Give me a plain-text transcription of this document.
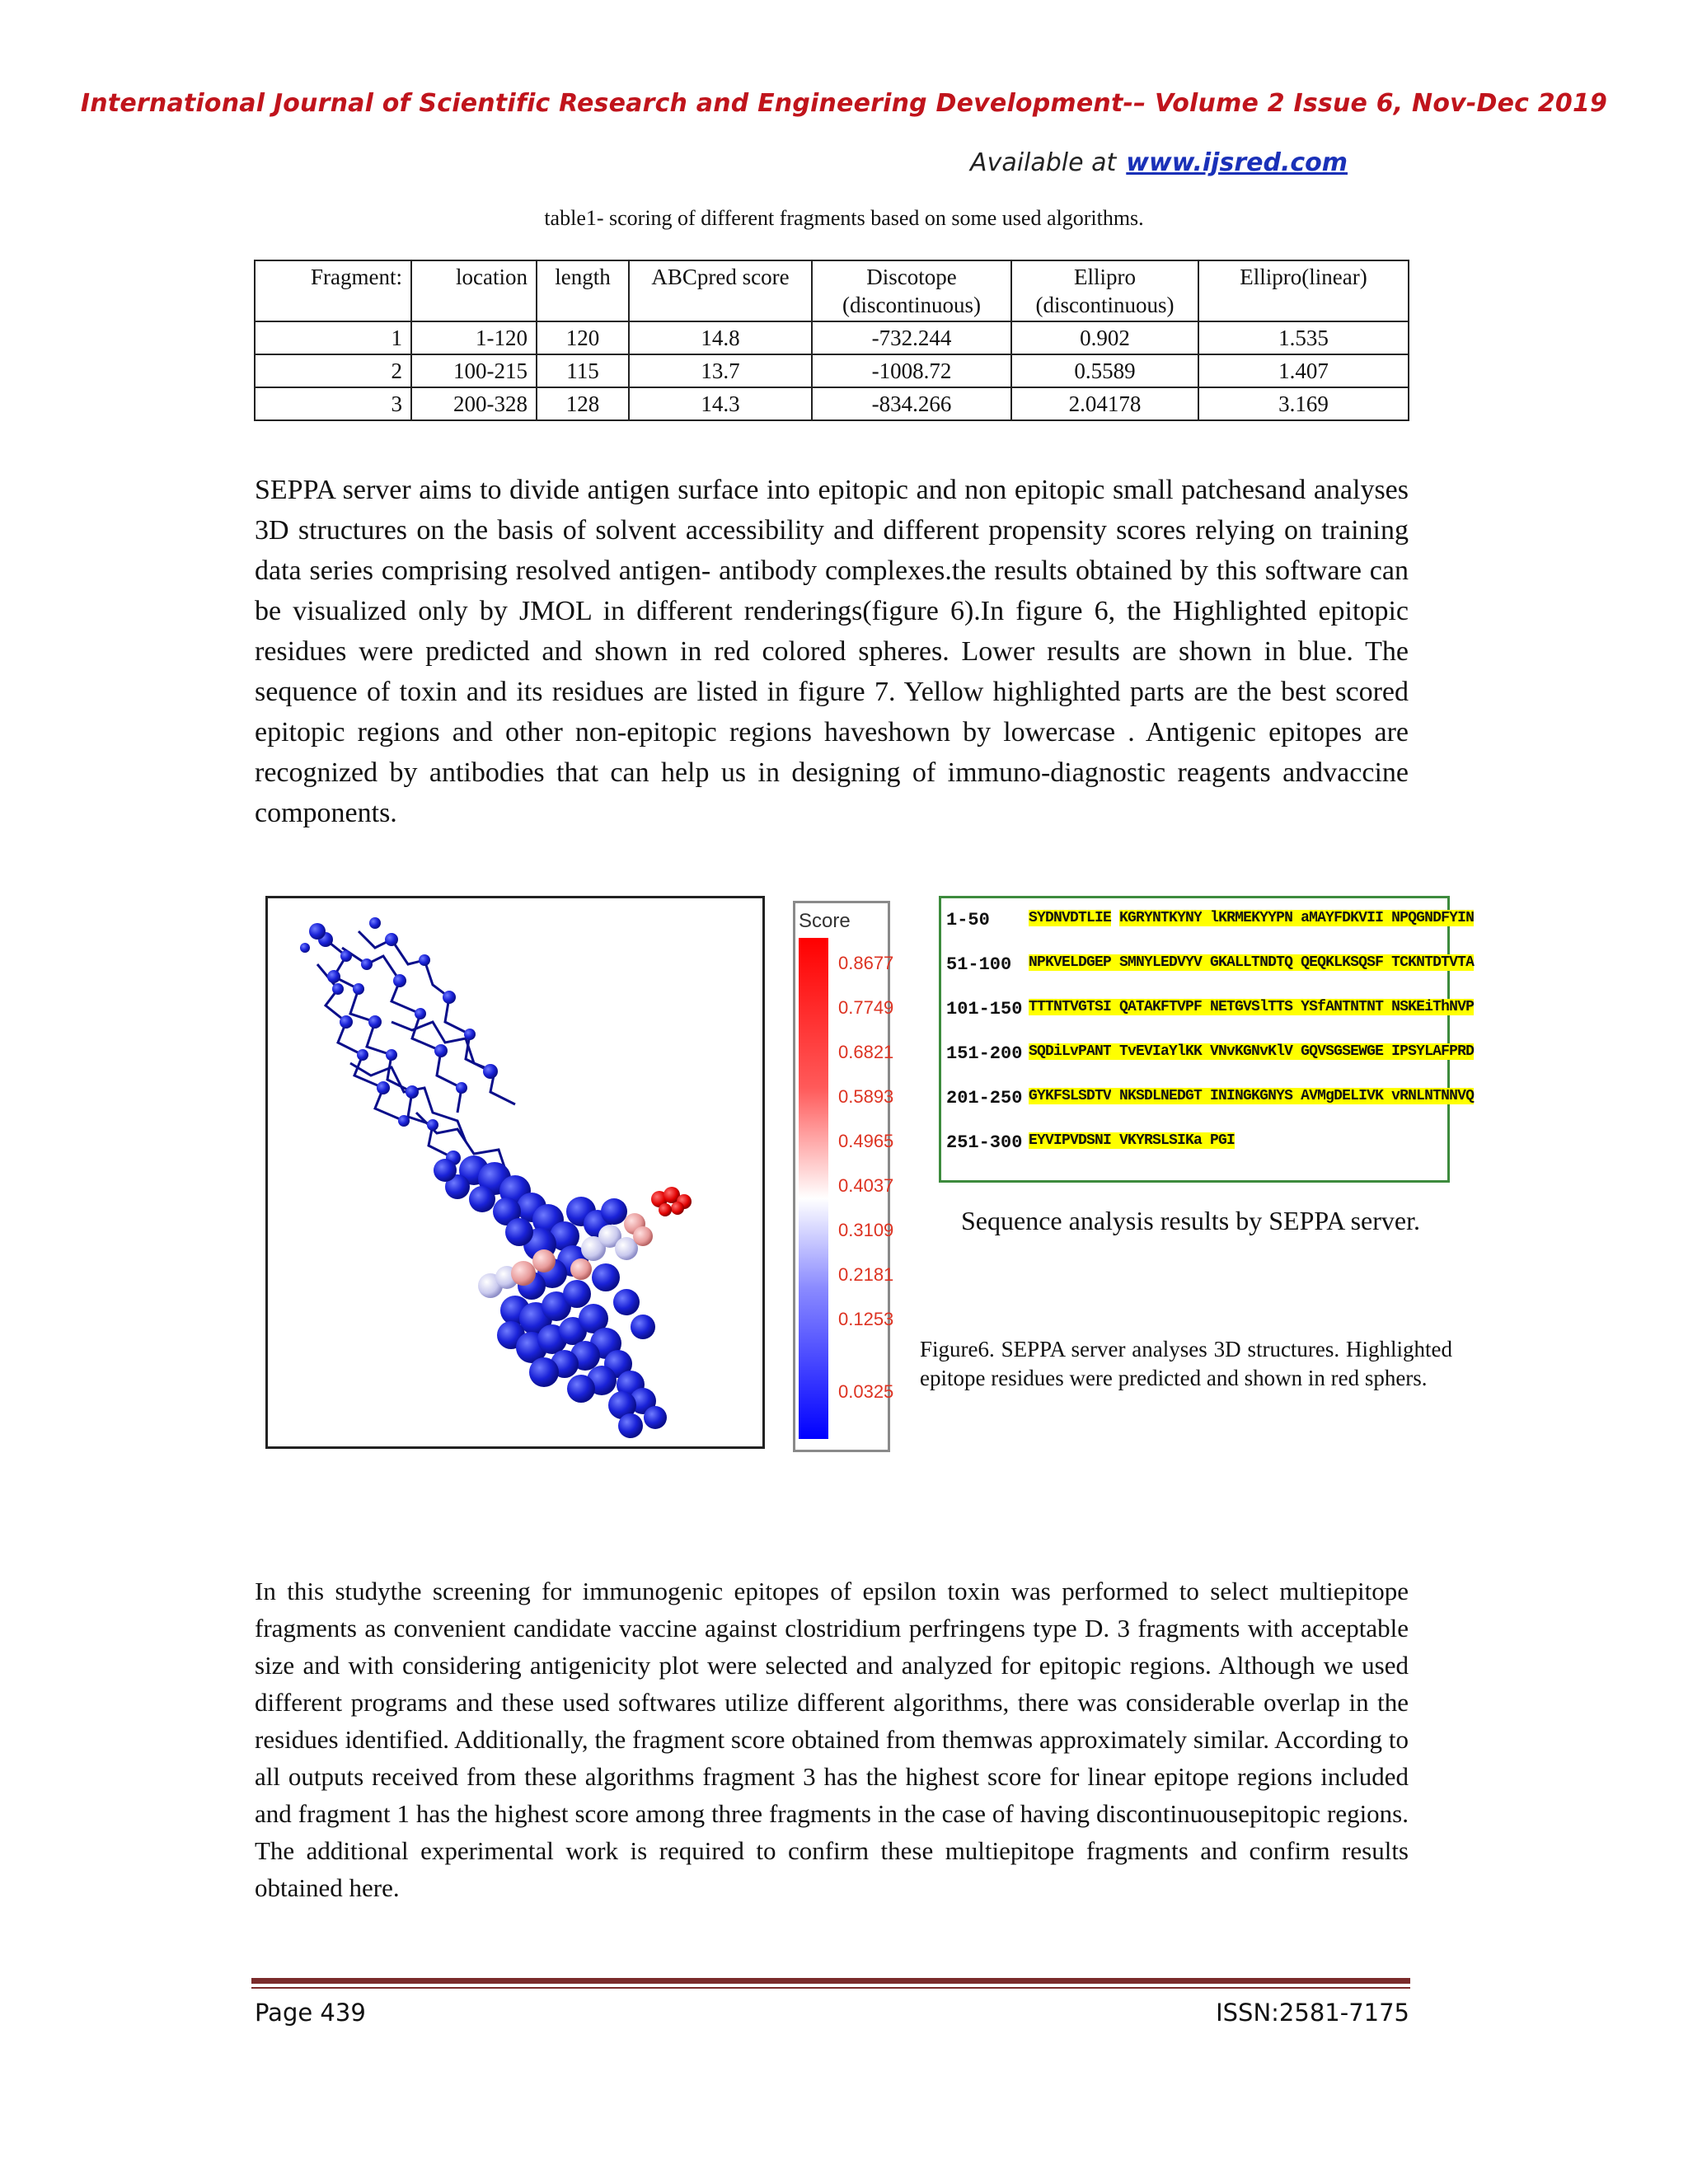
International Journal of Scientific Research and Engineering Development-– Volume 2 Issue 6, Nov-Dec 2019
Available at www.ijsred.com
table1- scoring of different fragments based on some used algorithms.
Fragment:	location	length	ABCpred score	Discotope (discontinuous)	Ellipro (discontinuous)	Ellipro(linear)
1	1-120	120	14.8	-732.244	0.902	1.535
2	100-215	115	13.7	-1008.72	0.5589	1.407
3	200-328	128	14.3	-834.266	2.04178	3.169
SEPPA server aims to divide antigen surface into epitopic and non epitopic small patchesand analyses 3D structures on the basis of solvent accessibility and different propensity scores relying on training data series comprising resolved antigen- antibody complexes.the results obtained by this software can be visualized only by JMOL in different renderings(figure 6).In figure 6, the Highlighted epitopic residues were predicted and shown in red colored spheres. Lower results are shown in blue. The sequence of toxin and its residues are listed in figure 7. Yellow highlighted parts are the best scored epitopic regions and other non-epitopic regions haveshown by lowercase . Antigenic epitopes are recognized by antibodies that can help us in designing of immuno-diagnostic reagents andvaccine components.
Score
0.8677
0.7749
0.6821
0.5893
0.4965
0.4037
0.3109
0.2181
0.1253
0.0325
1-50	SYDNVDTLIE KGRYNTKYNY lKRMEKYYPN aMAYFDKVII NPQGNDFYIN
51-100 NPKVELDGEP SMNYLEDVYV GKALLTNDTQ QEQKLKSQSF TCKNTDTVTA
101-150 TTTNTVGTSI QATAKFTVPF NETGVSlTTS YSfANTNTNT NSKEiThNVP
151-200 SQDiLvPANT TvEVIaYlKK VNvKGNvKlV GQVSGSEWGE IPSYLAFPRD
201-250 GYKFSLSDTV NKSDLNEDGT ININGKGNYS AVMgDELIVK vRNLNTNNVQ
251-300 EYVIPVDSNI VKYRSLSIKa PGI
Sequence analysis results by SEPPA server.
Figure6. SEPPA server analyses 3D structures. Highlighted epitope residues were predicted and shown in red sphers.
In this studythe screening for immunogenic epitopes of epsilon toxin was performed to select multiepitope fragments as convenient candidate vaccine against clostridium perfringens type D. 3 fragments with acceptable size and with considering antigenicity plot were selected and analyzed for epitopic regions. Although we used different programs and these used softwares utilize different algorithms, there was considerable overlap in the residues identified. Additionally, the fragment score obtained from themwas approximately similar. According to all outputs received from these algorithms fragment 3 has the highest score for linear epitope regions included and fragment 1 has the highest score among three fragments in the case of having discontinuousepitopic regions. The additional experimental work is required to confirm these multiepitope fragments and confirm results obtained here.
Page 439	ISSN:2581-7175
